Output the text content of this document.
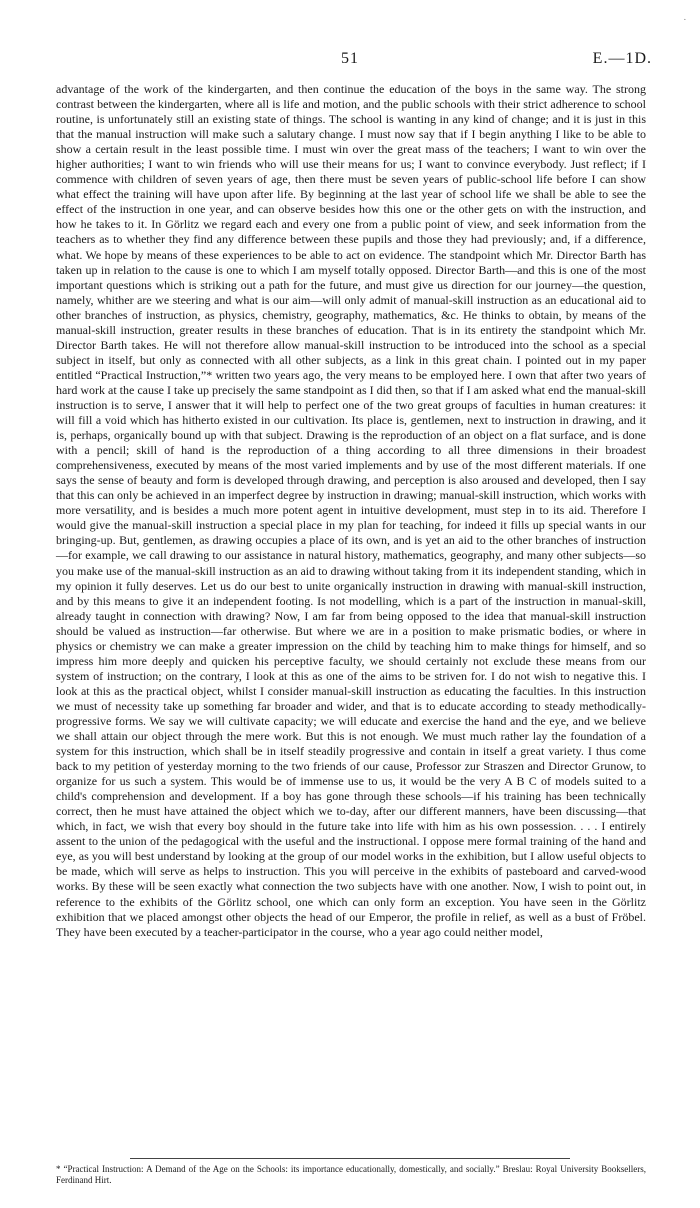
.
51	E.—1D.
advantage of the work of the kindergarten, and then continue the education of the boys in the same way. The strong contrast between the kindergarten, where all is life and motion, and the public schools with their strict adherence to school routine, is unfortunately still an existing state of things. The school is wanting in any kind of change; and it is just in this that the manual instruction will make such a salutary change. I must now say that if I begin anything I like to be able to show a certain result in the least possible time. I must win over the great mass of the teachers; I want to win over the higher authorities; I want to win friends who will use their means for us; I want to convince everybody. Just reflect; if I commence with children of seven years of age, then there must be seven years of public-school life before I can show what effect the training will have upon after life. By beginning at the last year of school life we shall be able to see the effect of the instruction in one year, and can observe besides how this one or the other gets on with the instruction, and how he takes to it. In Görlitz we regard each and every one from a public point of view, and seek information from the teachers as to whether they find any difference between these pupils and those they had previously; and, if a difference, what. We hope by means of these experiences to be able to act on evidence. The standpoint which Mr. Director Barth has taken up in relation to the cause is one to which I am myself totally opposed. Director Barth—and this is one of the most important questions which is striking out a path for the future, and must give us direction for our journey—the question, namely, whither are we steering and what is our aim—will only admit of manual-skill instruction as an educational aid to other branches of instruction, as physics, chemistry, geography, mathematics, &c. He thinks to obtain, by means of the manual-skill instruction, greater results in these branches of education. That is in its entirety the standpoint which Mr. Director Barth takes. He will not therefore allow manual-skill instruction to be introduced into the school as a special subject in itself, but only as connected with all other subjects, as a link in this great chain. I pointed out in my paper entitled “Practical Instruction,”* written two years ago, the very means to be employed here. I own that after two years of hard work at the cause I take up precisely the same standpoint as I did then, so that if I am asked what end the manual-skill instruction is to serve, I answer that it will help to perfect one of the two great groups of faculties in human creatures: it will fill a void which has hitherto existed in our cultivation. Its place is, gentlemen, next to instruction in drawing, and it is, perhaps, organically bound up with that subject. Drawing is the reproduction of an object on a flat surface, and is done with a pencil; skill of hand is the reproduction of a thing according to all three dimensions in their broadest comprehensiveness, executed by means of the most varied implements and by use of the most different materials. If one says the sense of beauty and form is developed through drawing, and perception is also aroused and developed, then I say that this can only be achieved in an imperfect degree by instruction in drawing; manual-skill instruction, which works with more versatility, and is besides a much more potent agent in intuitive development, must step in to its aid. Therefore I would give the manual-skill instruction a special place in my plan for teaching, for indeed it fills up special wants in our bringing-up. But, gentlemen, as drawing occupies a place of its own, and is yet an aid to the other branches of instruction—for example, we call drawing to our assistance in natural history, mathematics, geography, and many other subjects—so you make use of the manual-skill instruction as an aid to drawing without taking from it its independent standing, which in my opinion it fully deserves. Let us do our best to unite organically instruction in drawing with manual-skill instruction, and by this means to give it an independent footing. Is not modelling, which is a part of the instruction in manual-skill, already taught in connection with drawing? Now, I am far from being opposed to the idea that manual-skill instruction should be valued as instruction—far otherwise. But where we are in a position to make prismatic bodies, or where in physics or chemistry we can make a greater impression on the child by teaching him to make things for himself, and so impress him more deeply and quicken his perceptive faculty, we should certainly not exclude these means from our system of instruction; on the contrary, I look at this as one of the aims to be striven for. I do not wish to negative this. I look at this as the practical object, whilst I consider manual-skill instruction as educating the faculties. In this instruction we must of necessity take up something far broader and wider, and that is to educate according to steady methodically-progressive forms. We say we will cultivate capacity; we will educate and exercise the hand and the eye, and we believe we shall attain our object through the mere work. But this is not enough. We must much rather lay the foundation of a system for this instruction, which shall be in itself steadily progressive and contain in itself a great variety. I thus come back to my petition of yesterday morning to the two friends of our cause, Professor zur Straszen and Director Grunow, to organize for us such a system. This would be of immense use to us, it would be the very A B C of models suited to a child's comprehension and development. If a boy has gone through these schools—if his training has been technically correct, then he must have attained the object which we to-day, after our different manners, have been discussing—that which, in fact, we wish that every boy should in the future take into life with him as his own possession. . . . I entirely assent to the union of the pedagogical with the useful and the instructional. I oppose mere formal training of the hand and eye, as you will best understand by looking at the group of our model works in the exhibition, but I allow useful objects to be made, which will serve as helps to instruction. This you will perceive in the exhibits of pasteboard and carved-wood works. By these will be seen exactly what connection the two subjects have with one another. Now, I wish to point out, in reference to the exhibits of the Görlitz school, one which can only form an exception. You have seen in the Görlitz exhibition that we placed amongst other objects the head of our Emperor, the profile in relief, as well as a bust of Fröbel. They have been executed by a teacher-participator in the course, who a year ago could neither model,
* “Practical Instruction: A Demand of the Age on the Schools: its importance educationally, domestically, and socially.” Breslau: Royal University Booksellers, Ferdinand Hirt.
